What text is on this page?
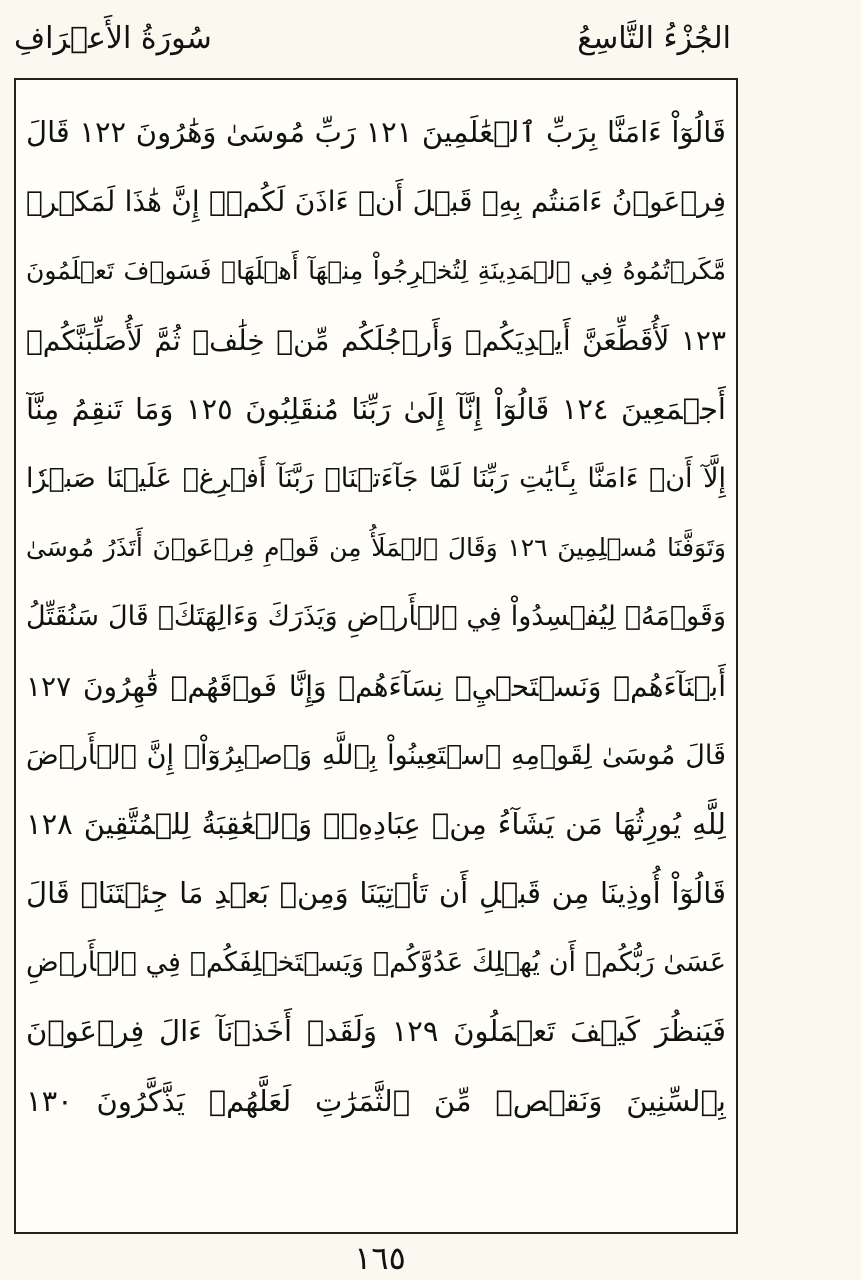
الجُزْءُ التَّاسِعُ
سُورَةُ الأَعۡرَافِ
قَالُوٓاْ ءَامَنَّا بِرَبِّ ٱلۡعَٰلَمِينَ ١٢١ رَبِّ مُوسَىٰ وَهَٰرُونَ ١٢٢ قَالَ
فِرۡعَوۡنُ ءَامَنتُم بِهِۦ قَبۡلَ أَنۡ ءَاذَنَ لَكُمۡۖ إِنَّ هَٰذَا لَمَكۡرٞ
مَّكَرۡتُمُوهُ فِي ٱلۡمَدِينَةِ لِتُخۡرِجُواْ مِنۡهَآ أَهۡلَهَاۖ فَسَوۡفَ تَعۡلَمُونَ
١٢٣ لَأُقَطِّعَنَّ أَيۡدِيَكُمۡ وَأَرۡجُلَكُم مِّنۡ خِلَٰفٖ ثُمَّ لَأُصَلِّبَنَّكُمۡ
أَجۡمَعِينَ ١٢٤ قَالُوٓاْ إِنَّآ إِلَىٰ رَبِّنَا مُنقَلِبُونَ ١٢٥ وَمَا تَنقِمُ مِنَّآ
إِلَّآ أَنۡ ءَامَنَّا بِـَٔايَٰتِ رَبِّنَا لَمَّا جَآءَتۡنَاۚ رَبَّنَآ أَفۡرِغۡ عَلَيۡنَا صَبۡرٗا
وَتَوَفَّنَا مُسۡلِمِينَ ١٢٦ وَقَالَ ٱلۡمَلَأُ مِن قَوۡمِ فِرۡعَوۡنَ أَتَذَرُ مُوسَىٰ
وَقَوۡمَهُۥ لِيُفۡسِدُواْ فِي ٱلۡأَرۡضِ وَيَذَرَكَ وَءَالِهَتَكَۚ قَالَ سَنُقَتِّلُ
أَبۡنَآءَهُمۡ وَنَسۡتَحۡيِۦ نِسَآءَهُمۡ وَإِنَّا فَوۡقَهُمۡ قَٰهِرُونَ ١٢٧
قَالَ مُوسَىٰ لِقَوۡمِهِ ٱسۡتَعِينُواْ بِٱللَّهِ وَٱصۡبِرُوٓاْۖ إِنَّ ٱلۡأَرۡضَ
لِلَّهِ يُورِثُهَا مَن يَشَآءُ مِنۡ عِبَادِهِۦۖ وَٱلۡعَٰقِبَةُ لِلۡمُتَّقِينَ ١٢٨
قَالُوٓاْ أُوذِينَا مِن قَبۡلِ أَن تَأۡتِيَنَا وَمِنۢ بَعۡدِ مَا جِئۡتَنَاۚ قَالَ
عَسَىٰ رَبُّكُمۡ أَن يُهۡلِكَ عَدُوَّكُمۡ وَيَسۡتَخۡلِفَكُمۡ فِي ٱلۡأَرۡضِ
فَيَنظُرَ كَيۡفَ تَعۡمَلُونَ ١٢٩ وَلَقَدۡ أَخَذۡنَآ ءَالَ فِرۡعَوۡنَ
بِٱلسِّنِينَ وَنَقۡصٖ مِّنَ ٱلثَّمَرَٰتِ لَعَلَّهُمۡ يَذَّكَّرُونَ ١٣٠
١٦٥
